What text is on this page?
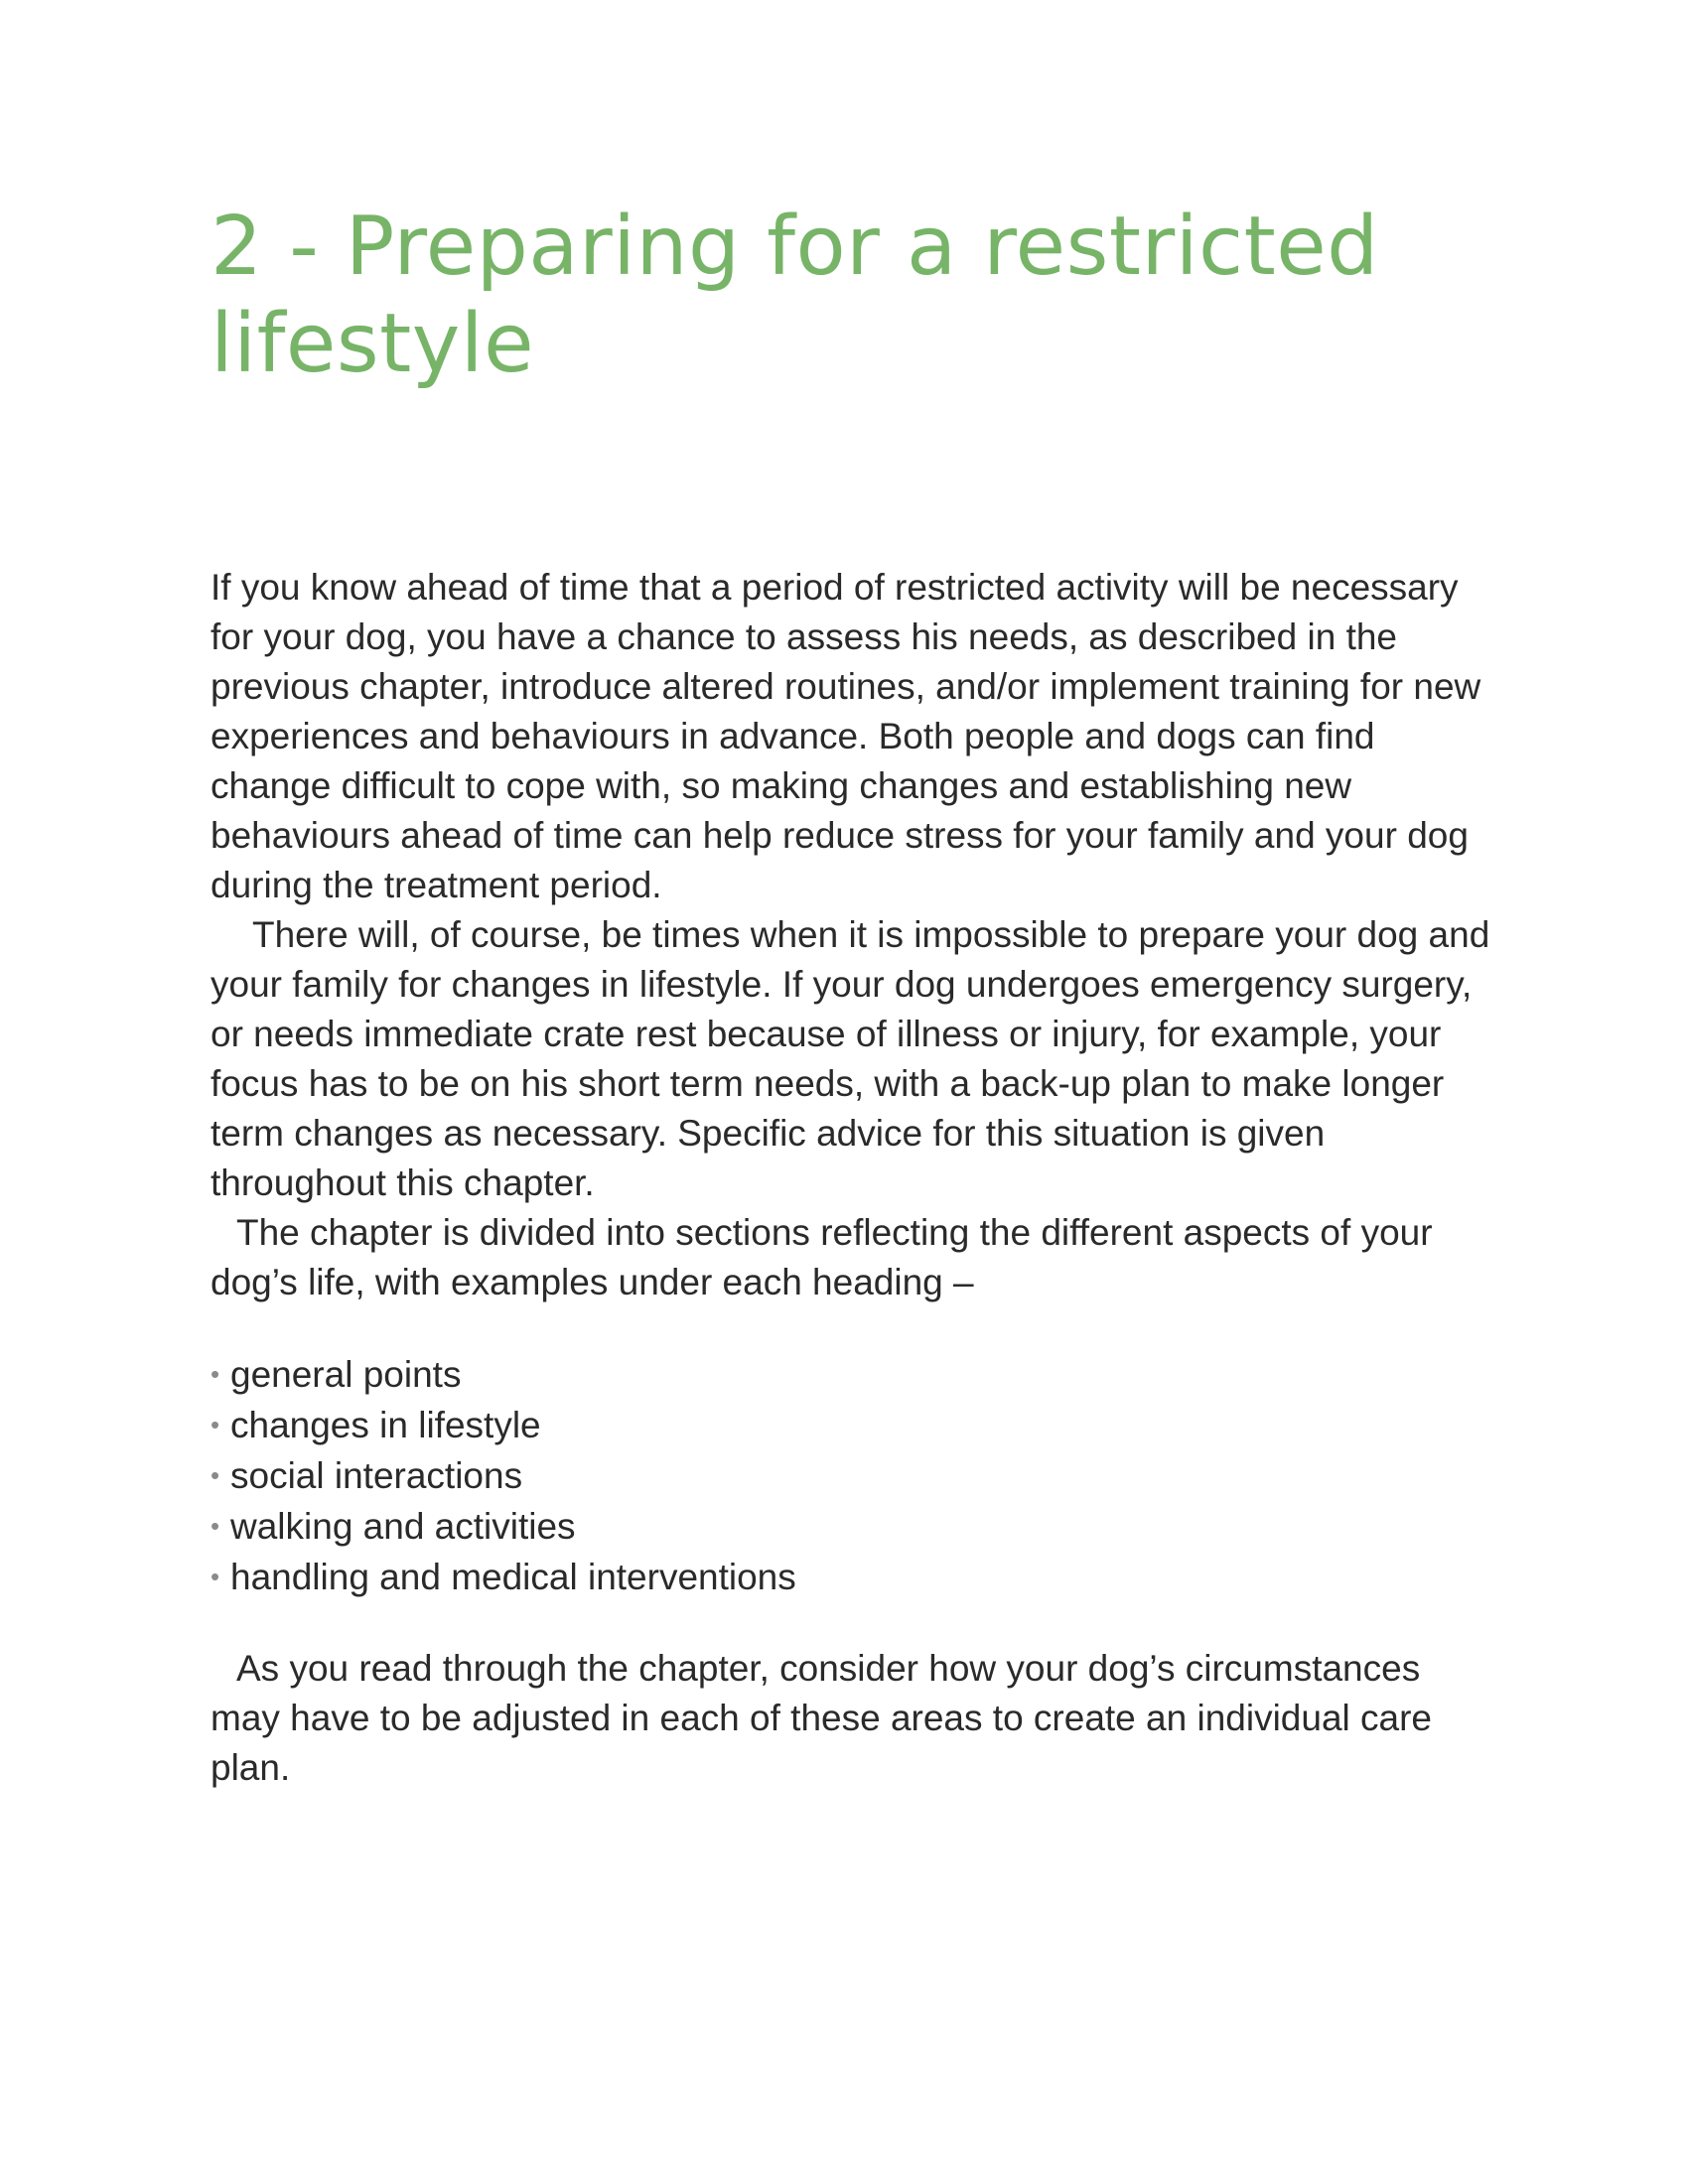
2 - Preparing for a restricted lifestyle

If you know ahead of time that a period of restricted activity will be necessary for your dog, you have a chance to assess his needs, as described in the previous chapter, introduce altered routines, and/or implement training for new experiences and behaviours in advance. Both people and dogs can find change difficult to cope with, so making changes and establishing new behaviours ahead of time can help reduce stress for your family and your dog during the treatment period.

There will, of course, be times when it is impossible to prepare your dog and your family for changes in lifestyle. If your dog undergoes emergency surgery, or needs immediate crate rest because of illness or injury, for example, your focus has to be on his short term needs, with a back-up plan to make longer term changes as necessary. Specific advice for this situation is given throughout this chapter.

The chapter is divided into sections reflecting the different aspects of your dog’s life, with examples under each heading –

• general points
• changes in lifestyle
• social interactions
• walking and activities
• handling and medical interventions

As you read through the chapter, consider how your dog’s circumstances may have to be adjusted in each of these areas to create an individual care plan.
